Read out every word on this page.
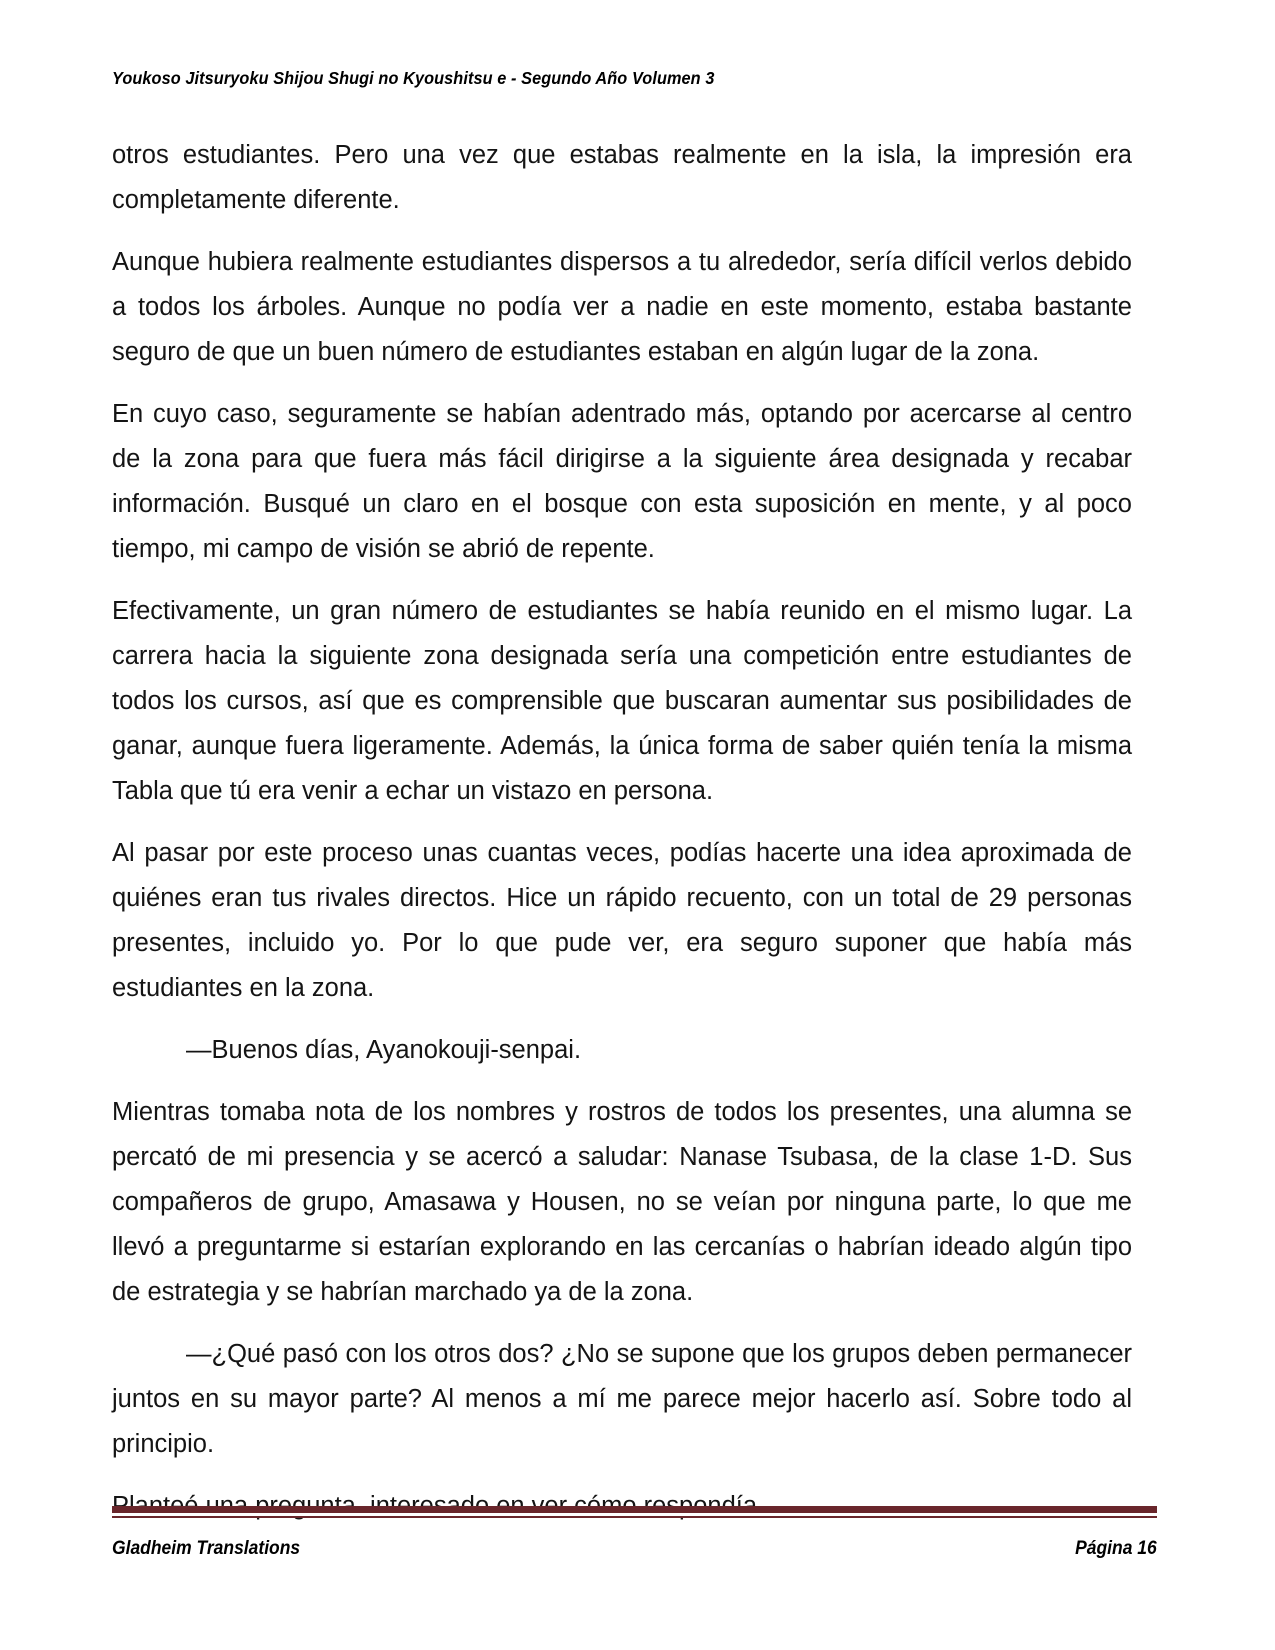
Youkoso Jitsuryoku Shijou Shugi no Kyoushitsu e - Segundo Año Volumen 3

otros estudiantes. Pero una vez que estabas realmente en la isla, la impresión era completamente diferente.

Aunque hubiera realmente estudiantes dispersos a tu alrededor, sería difícil verlos debido a todos los árboles. Aunque no podía ver a nadie en este momento, estaba bastante seguro de que un buen número de estudiantes estaban en algún lugar de la zona.

En cuyo caso, seguramente se habían adentrado más, optando por acercarse al centro de la zona para que fuera más fácil dirigirse a la siguiente área designada y recabar información. Busqué un claro en el bosque con esta suposición en mente, y al poco tiempo, mi campo de visión se abrió de repente.

Efectivamente, un gran número de estudiantes se había reunido en el mismo lugar. La carrera hacia la siguiente zona designada sería una competición entre estudiantes de todos los cursos, así que es comprensible que buscaran aumentar sus posibilidades de ganar, aunque fuera ligeramente. Además, la única forma de saber quién tenía la misma Tabla que tú era venir a echar un vistazo en persona.

Al pasar por este proceso unas cuantas veces, podías hacerte una idea aproximada de quiénes eran tus rivales directos. Hice un rápido recuento, con un total de 29 personas presentes, incluido yo. Por lo que pude ver, era seguro suponer que había más estudiantes en la zona.

—Buenos días, Ayanokouji-senpai.

Mientras tomaba nota de los nombres y rostros de todos los presentes, una alumna se percató de mi presencia y se acercó a saludar: Nanase Tsubasa, de la clase 1-D. Sus compañeros de grupo, Amasawa y Housen, no se veían por ninguna parte, lo que me llevó a preguntarme si estarían explorando en las cercanías o habrían ideado algún tipo de estrategia y se habrían marchado ya de la zona.

—¿Qué pasó con los otros dos? ¿No se supone que los grupos deben permanecer juntos en su mayor parte? Al menos a mí me parece mejor hacerlo así. Sobre todo al principio.

Gladheim Translations	Página 16
